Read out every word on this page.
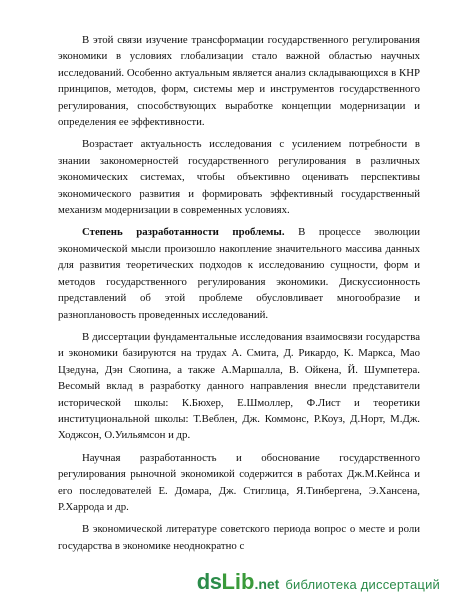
В этой связи изучение трансформации государственного регулирования экономики в условиях глобализации стало важной областью научных исследований. Особенно актуальным является анализ складывающихся в КНР принципов, методов, форм, системы мер и инструментов государственного регулирования, способствующих выработке концепции модернизации и определения ее эффективности.

Возрастает актуальность исследования с усилением потребности в знании закономерностей государственного регулирования в различных экономических системах, чтобы объективно оценивать перспективы экономического развития и формировать эффективный государственный механизм модернизации в современных условиях.

Степень разработанности проблемы. В процессе эволюции экономической мысли произошло накопление значительного массива данных для развития теоретических подходов к исследованию сущности, форм и методов государственного регулирования экономики. Дискуссионность представлений об этой проблеме обусловливает многообразие и разноплановость проведенных исследований.

В диссертации фундаментальные исследования взаимосвязи государства и экономики базируются на трудах А. Смита, Д. Рикардо, К. Маркса, Мао Цзедуна, Дэн Сяопина, а также А.Маршалла, В. Ойкена, Й. Шумпетера. Весомый вклад в разработку данного направления внесли представители исторической школы: К.Бюхер, Е.Шмоллер, Ф.Лист и теоретики институциональной школы: Т.Веблен, Дж. Коммонс, Р.Коуз, Д.Норт, М.Дж. Ходжсон, О.Уильямсон и др.

Научная разработанность и обоснование государственного регулирования рыночной экономикой содержится в работах Дж.М.Кейнса и его последователей Е. Домара, Дж. Стиглица, Я.Тинбергена, Э.Хансена, Р.Харрода и др.

В экономической литературе советского периода вопрос о месте и роли государства в экономике неоднократно с

ds Lib .net библиотека диссертаций
